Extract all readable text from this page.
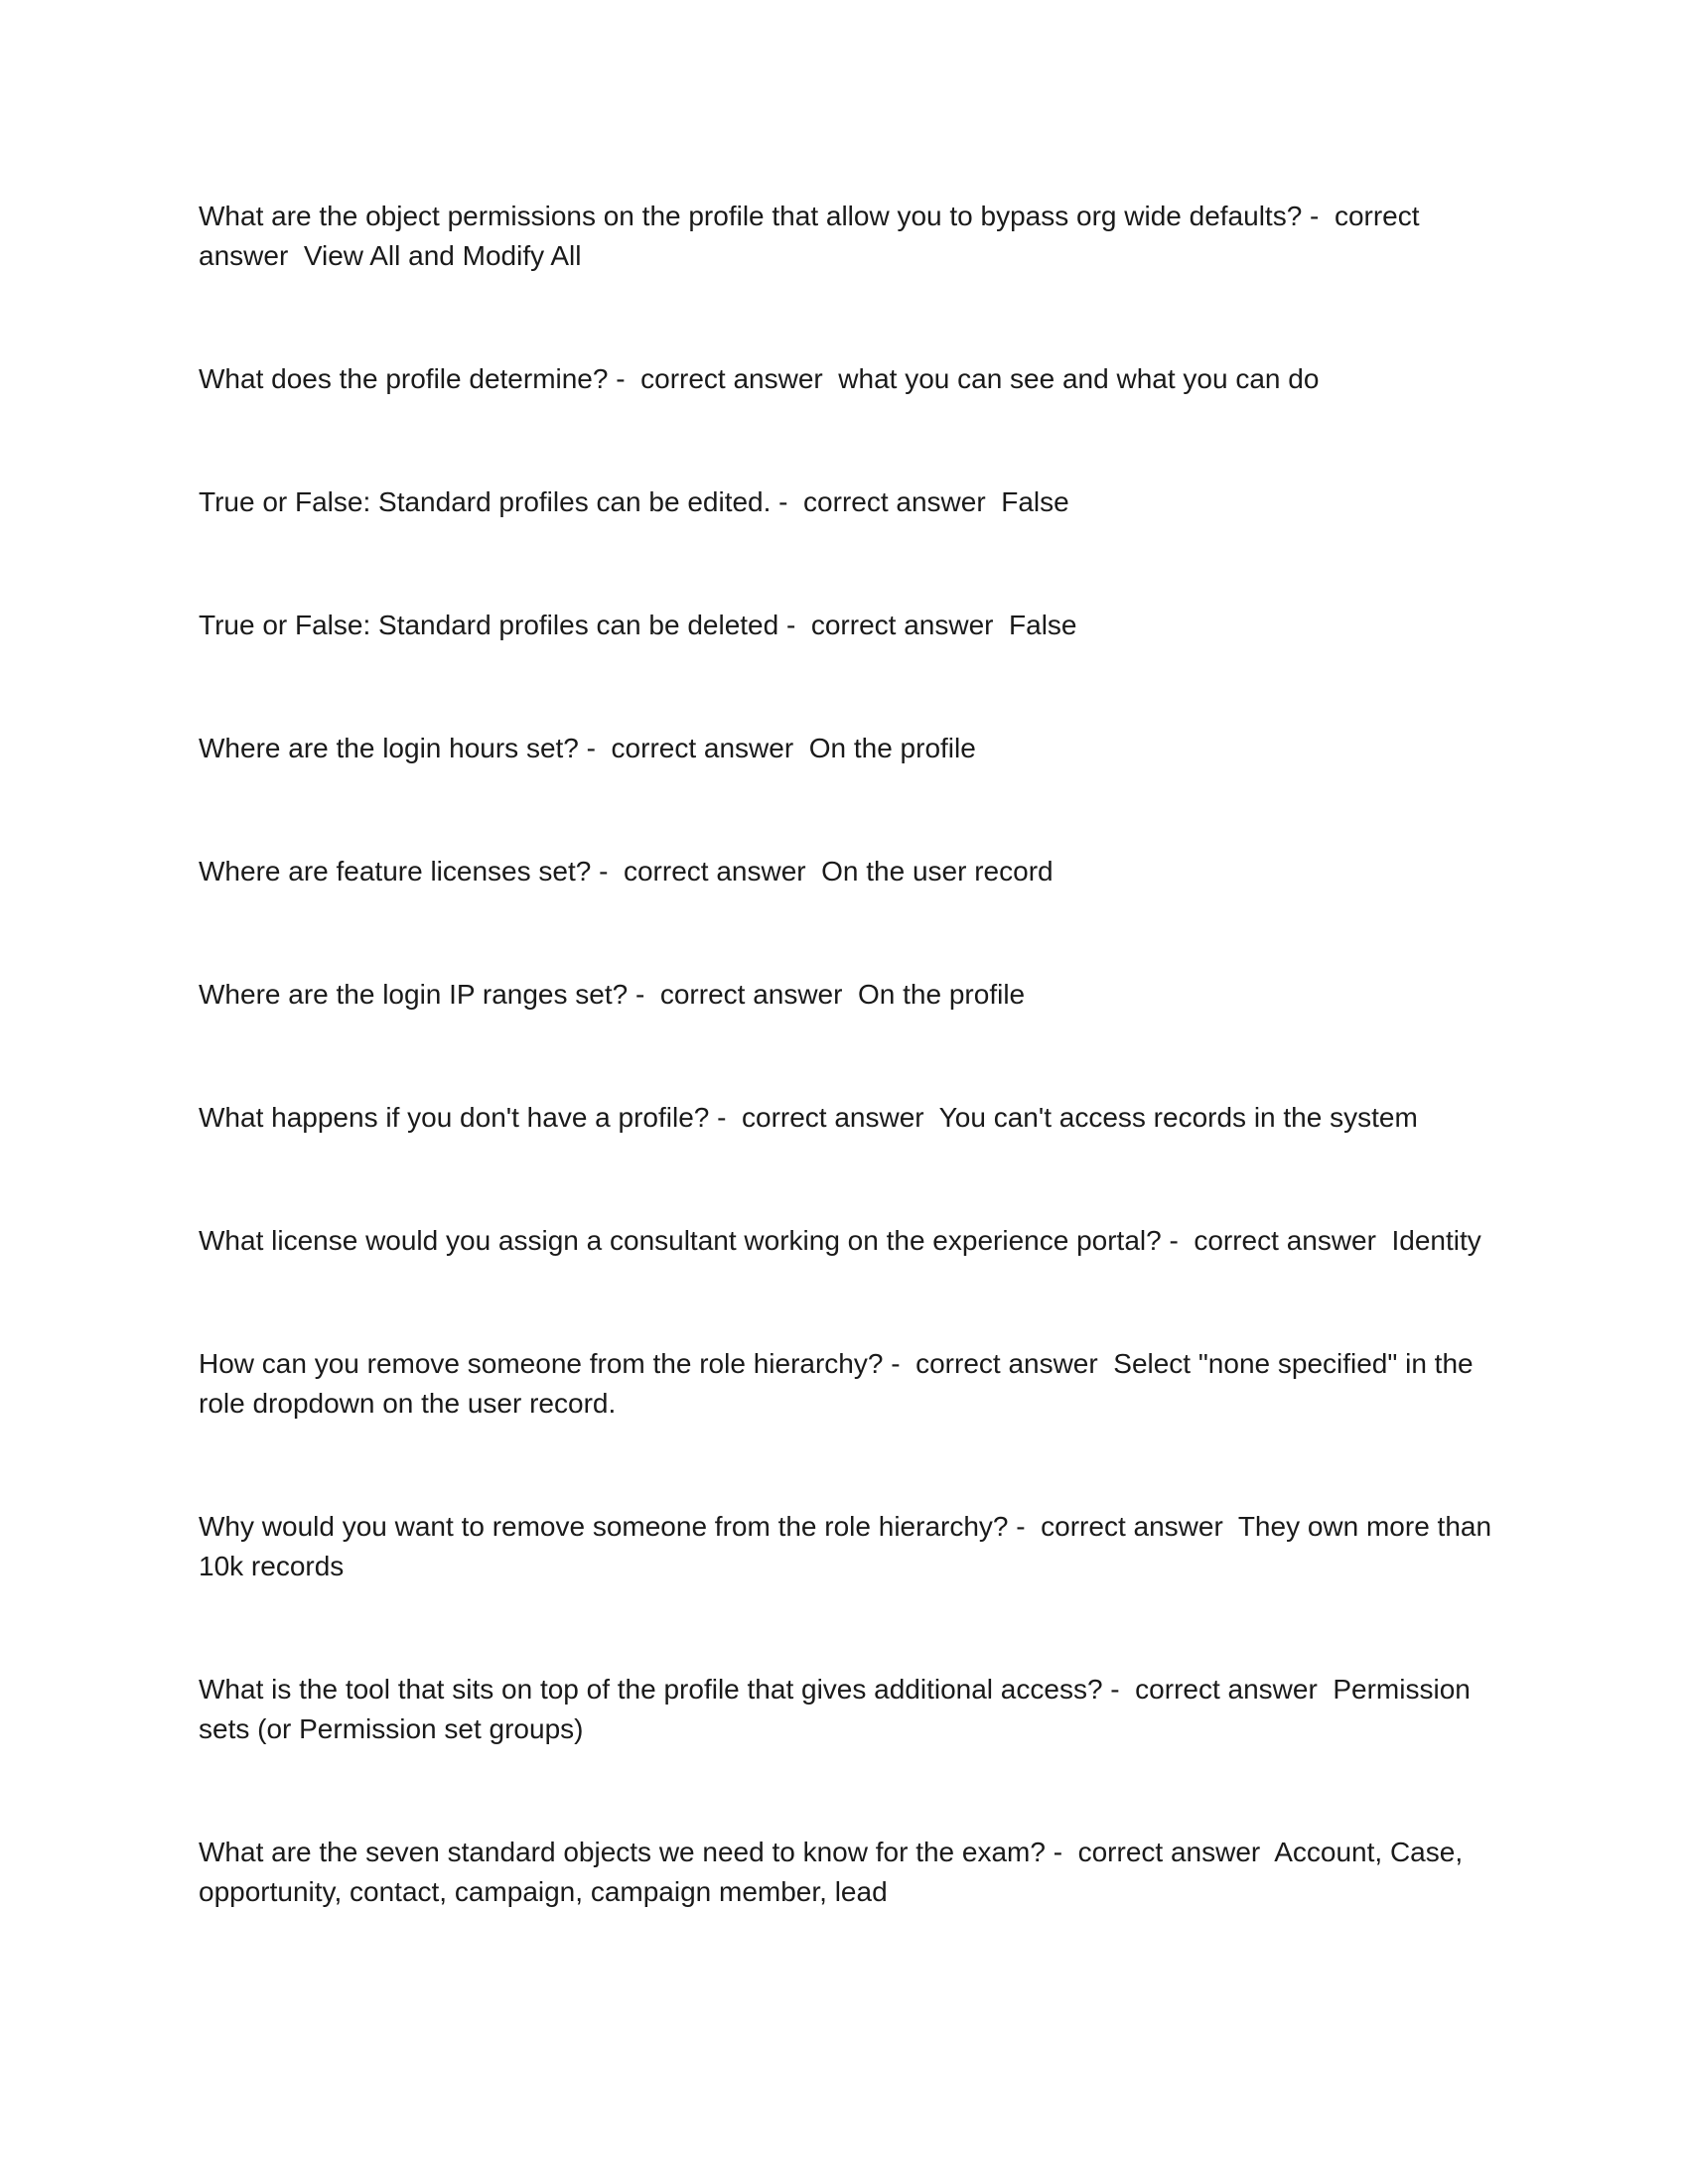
What are the object permissions on the profile that allow you to bypass org wide defaults? -  correct answer  View All and Modify All

What does the profile determine? -  correct answer  what you can see and what you can do

True or False: Standard profiles can be edited. -  correct answer  False

True or False: Standard profiles can be deleted -  correct answer  False

Where are the login hours set? -  correct answer  On the profile

Where are feature licenses set? -  correct answer  On the user record

Where are the login IP ranges set? -  correct answer  On the profile

What happens if you don't have a profile? -  correct answer  You can't access records in the system

What license would you assign a consultant working on the experience portal? -  correct answer  Identity

How can you remove someone from the role hierarchy? -  correct answer  Select "none specified" in the role dropdown on the user record.

Why would you want to remove someone from the role hierarchy? -  correct answer  They own more than 10k records

What is the tool that sits on top of the profile that gives additional access? -  correct answer  Permission sets (or Permission set groups)

What are the seven standard objects we need to know for the exam? -  correct answer  Account, Case, opportunity, contact, campaign, campaign member, lead
